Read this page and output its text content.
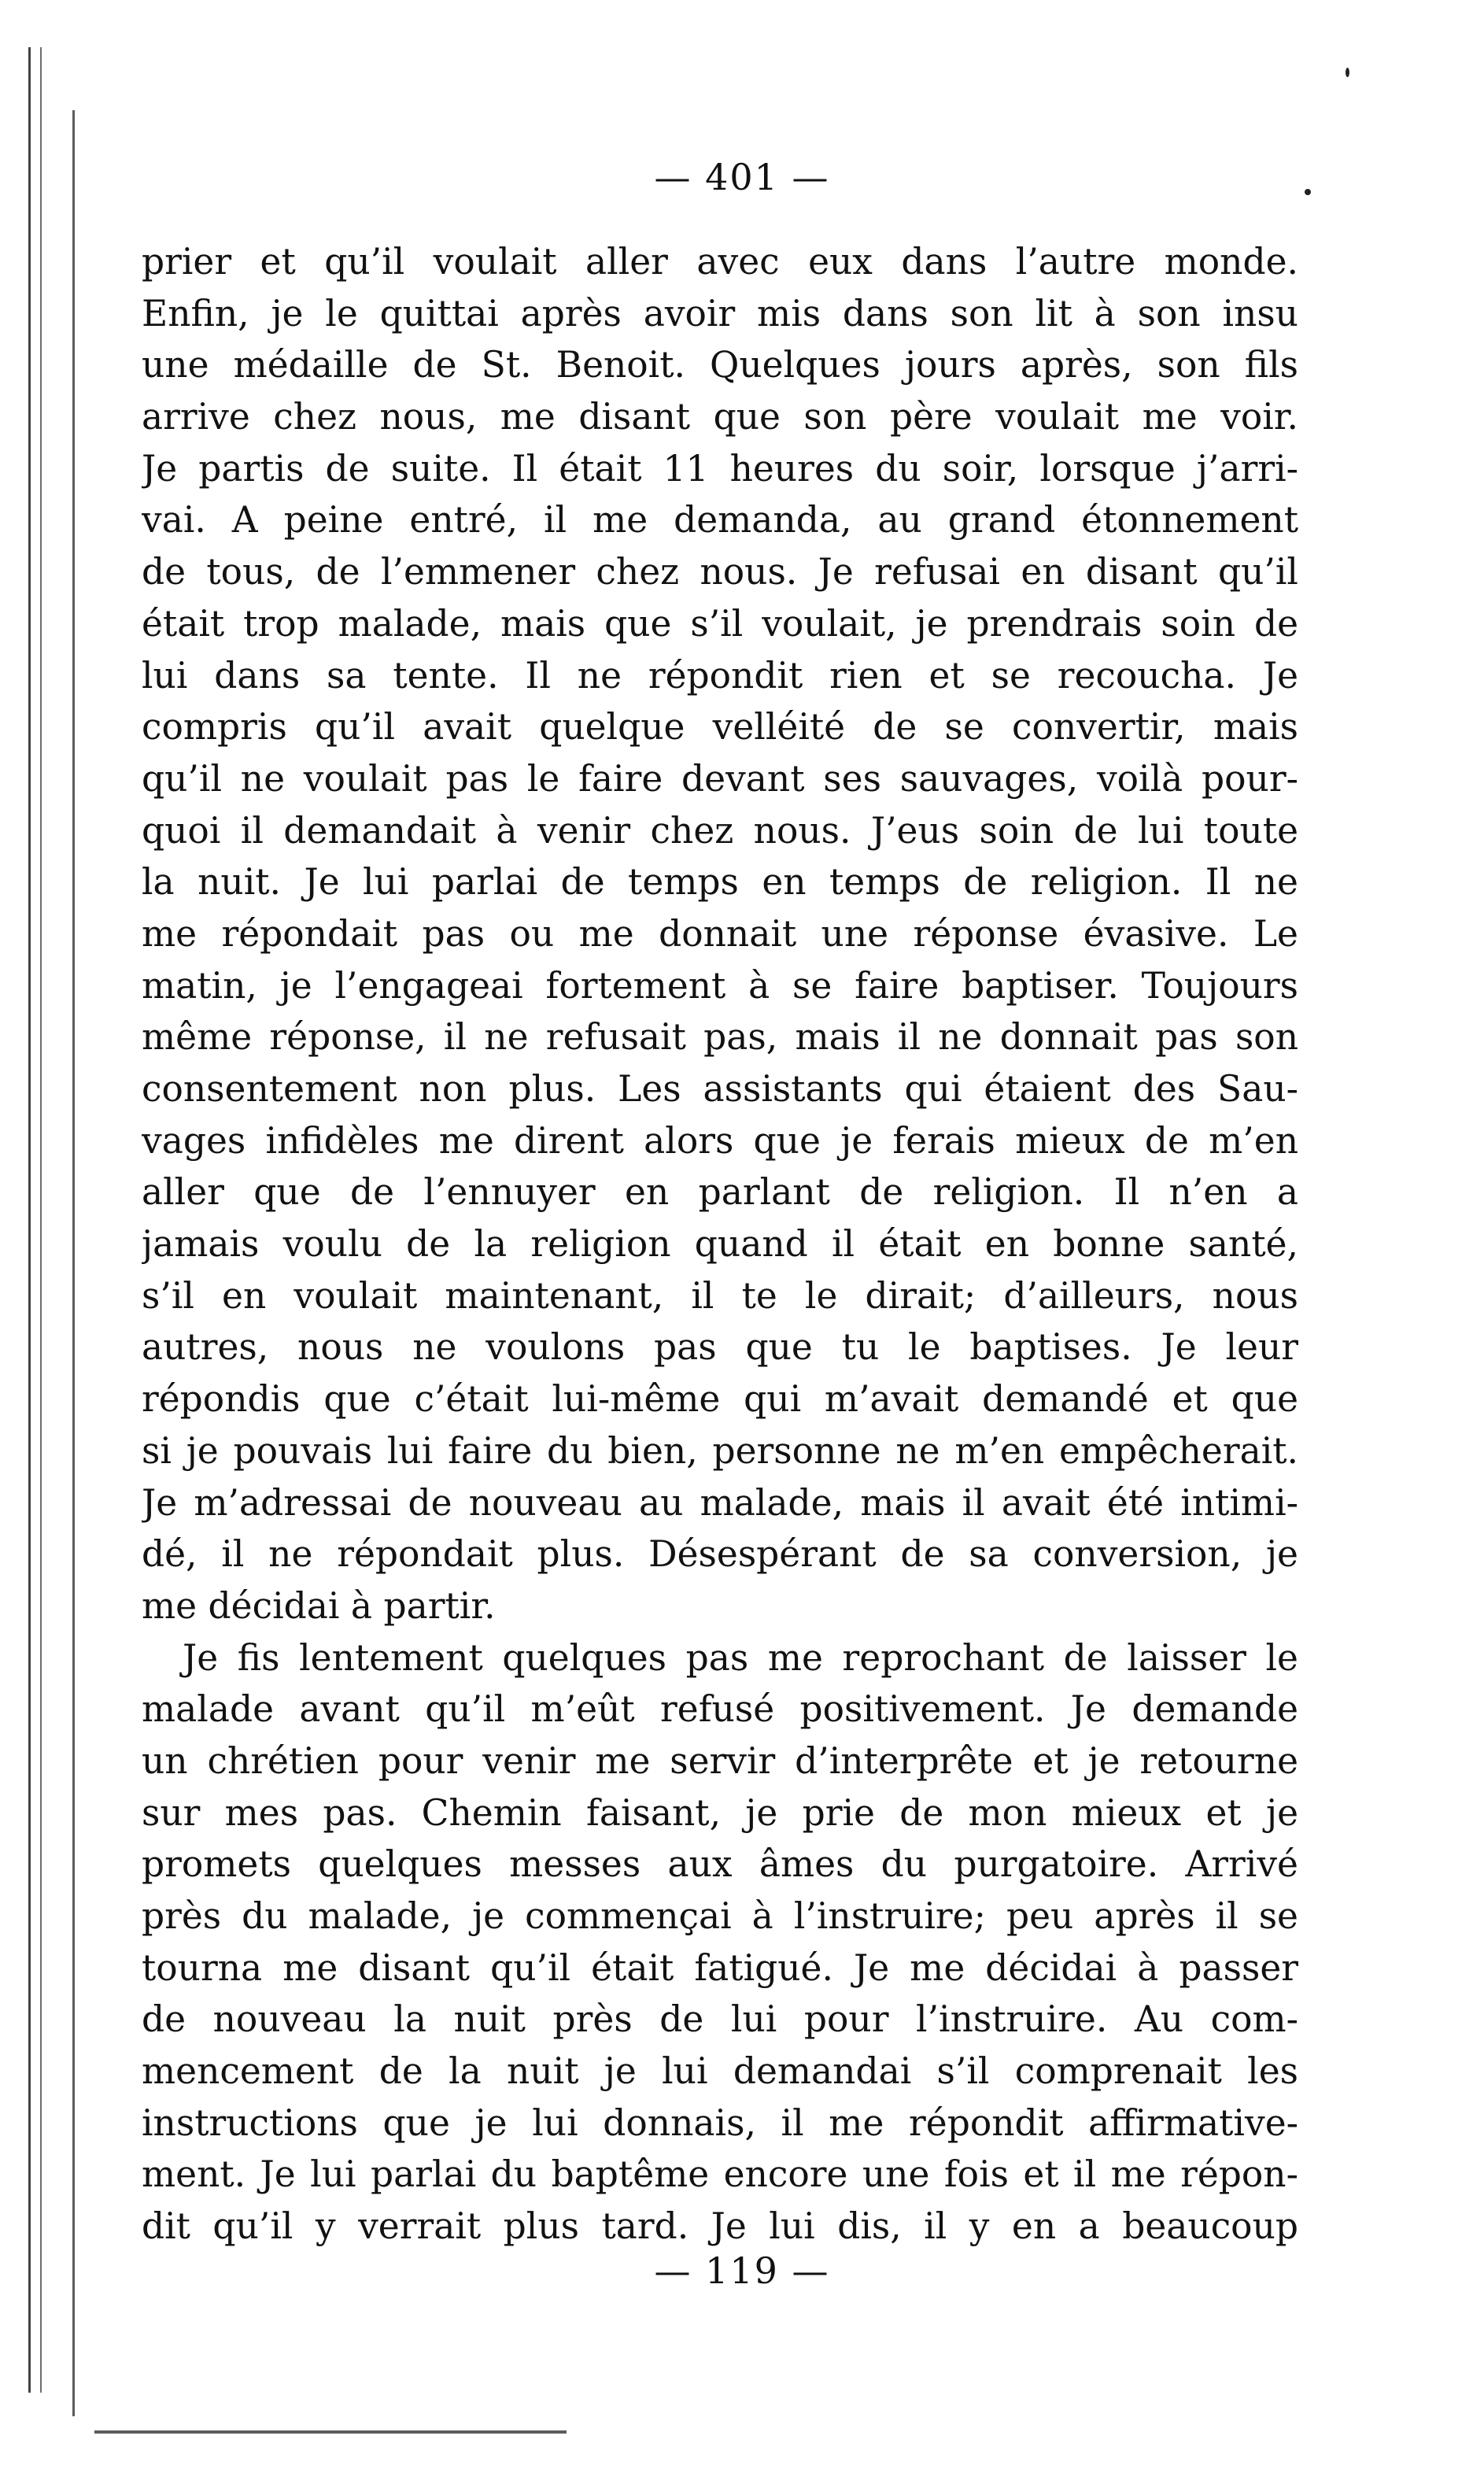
— 401 —
prier et qu’il voulait aller avec eux dans l’autre monde.
Enfin, je le quittai après avoir mis dans son lit à son insu
une médaille de St. Benoit. Quelques jours après, son fils
arrive chez nous, me disant que son père voulait me voir.
Je partis de suite. Il était 11 heures du soir, lorsque j’arri-
vai. A peine entré, il me demanda, au grand étonnement
de tous, de l’emmener chez nous. Je refusai en disant qu’il
était trop malade, mais que s’il voulait, je prendrais soin de
lui dans sa tente. Il ne répondit rien et se recoucha. Je
compris qu’il avait quelque velléité de se convertir, mais
qu’il ne voulait pas le faire devant ses sauvages, voilà pour-
quoi il demandait à venir chez nous. J’eus soin de lui toute
la nuit. Je lui parlai de temps en temps de religion. Il ne
me répondait pas ou me donnait une réponse évasive. Le
matin, je l’engageai fortement à se faire baptiser. Toujours
même réponse, il ne refusait pas, mais il ne donnait pas son
consentement non plus. Les assistants qui étaient des Sau-
vages infidèles me dirent alors que je ferais mieux de m’en
aller que de l’ennuyer en parlant de religion. Il n’en a
jamais voulu de la religion quand il était en bonne santé,
s’il en voulait maintenant, il te le dirait; d’ailleurs, nous
autres, nous ne voulons pas que tu le baptises. Je leur
répondis que c’était lui-même qui m’avait demandé et que
si je pouvais lui faire du bien, personne ne m’en empêcherait.
Je m’adressai de nouveau au malade, mais il avait été intimi-
dé, il ne répondait plus. Désespérant de sa conversion, je
me décidai à partir.
Je fis lentement quelques pas me reprochant de laisser le
malade avant qu’il m’eût refusé positivement. Je demande
un chrétien pour venir me servir d’interprête et je retourne
sur mes pas. Chemin faisant, je prie de mon mieux et je
promets quelques messes aux âmes du purgatoire. Arrivé
près du malade, je commençai à l’instruire; peu après il se
tourna me disant qu’il était fatigué. Je me décidai à passer
de nouveau la nuit près de lui pour l’instruire. Au com-
mencement de la nuit je lui demandai s’il comprenait les
instructions que je lui donnais, il me répondit affirmative-
ment. Je lui parlai du baptême encore une fois et il me répon-
dit qu’il y verrait plus tard. Je lui dis, il y en a beaucoup
— 119 —
